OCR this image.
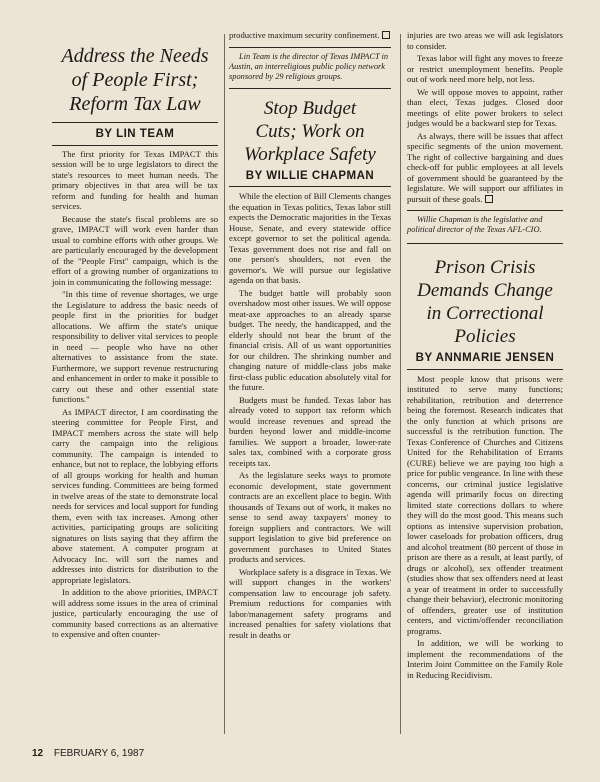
Address the Needs of People First; Reform Tax Law
BY LIN TEAM

The first priority for Texas IMPACT this session will be to urge legislators to direct the state's resources to meet human needs. The primary objectives in that area will be tax reform and funding for health and human services.

Because the state's fiscal problems are so grave, IMPACT will work even harder than usual to combine efforts with other groups. We are particularly encouraged by the development of the "People First" campaign, which is the effort of a growing number of organizations to join in communicating the following message:

"In this time of revenue shortages, we urge the Legislature to address the basic needs of people first in the priorities for budget allocations. We affirm the state's unique responsibility to deliver vital services to people in need — people who have no other alternatives to assistance from the state. Furthermore, we support revenue restructuring and enhancement in order to make it possible to carry out these and other essential state functions."

As IMPACT director, I am coordinating the steering committee for People First, and IMPACT members across the state will help carry the campaign into the religious community. The campaign is intended to enhance, but not to replace, the lobbying efforts of all groups working for health and human services funding. Committees are being formed in twelve areas of the state to demonstrate local needs for services and local support for funding them, even with tax increases. Among other activities, participating groups are soliciting signatures on lists saying that they affirm the above statement. A computer program at Advocacy Inc. will sort the names and addresses into districts for distribution to the appropriate legislators.

In addition to the above priorities, IMPACT will address some issues in the area of criminal justice, particularly encouraging the use of community based corrections as an alternative to expensive and often counter-

productive maximum security confinement.

Lin Team is the director of Texas IMPACT in Austin, an interreligious public policy network sponsored by 29 religious groups.

Stop Budget Cuts; Work on Workplace Safety
BY WILLIE CHAPMAN

While the election of Bill Clements changes the equation in Texas politics, Texas labor still expects the Democratic majorities in the Texas House, Senate, and every statewide office except governor to set the political agenda. Texas government does not rise and fall on one person's shoulders, not even the governor's. We will pursue our legislative agenda on that basis.

The budget battle will probably soon overshadow most other issues. We will oppose meat-axe approaches to an already sparse budget. The needy, the handicapped, and the elderly should not bear the brunt of the financial crisis. All of us want opportunities for our children. The shrinking number and changing nature of middle-class jobs make first-class public education absolutely vital for the future.

Budgets must be funded. Texas labor has already voted to support tax reform which would increase revenues and spread the burden beyond lower and middle-income families. We support a broader, lower-rate sales tax, combined with a corporate gross receipts tax.

As the legislature seeks ways to promote economic development, state government contracts are an excellent place to begin. With thousands of Texans out of work, it makes no sense to send away taxpayers' money to foreign suppliers and contractors. We will support legislation to give bid preference on government purchases to United States products and services.

Workplace safety is a disgrace in Texas. We will support changes in the workers' compensation law to encourage job safety. Premium reductions for companies with labor/management safety programs and increased penalties for safety violations that result in deaths or

injuries are two areas we will ask legislators to consider.

Texas labor will fight any moves to freeze or restrict unemployment benefits. People out of work need more help, not less.

We will oppose moves to appoint, rather than elect, Texas judges. Closed door meetings of elite power brokers to select judges would be a backward step for Texas.

As always, there will be issues that affect specific segments of the union movement. The right of collective bargaining and dues check-off for public employees at all levels of government should be guaranteed by the legislature. We will support our affiliates in pursuit of these goals.

Willie Chapman is the legislative and political director of the Texas AFL-CIO.

Prison Crisis Demands Change in Correctional Policies
BY ANNMARIE JENSEN

Most people know that prisons were instituted to serve many functions; rehabilitation, retribution and deterrence being the foremost. Research indicates that the only function at which prisons are successful is the retribution function. The Texas Conference of Churches and Citizens United for the Rehabilitation of Errants (CURE) believe we are paying too high a price for public vengeance. In line with these concerns, our criminal justice legislative agenda will primarily focus on directing limited state corrections dollars to where they will do the most good. This means such options as intensive supervision probation, lower caseloads for probation officers, drug and alcohol treatment (80 percent of those in prison are there as a result, at least partly, of drugs or alcohol), sex offender treatment (studies show that sex offenders need at least a year of treatment in order to successfully change their behavior), electronic monitoring of offenders, greater use of institution centers, and victim/offender reconciliation programs.

In addition, we will be working to implement the recommendations of the Interim Joint Committee on the Family Role in Reducing Recidivism.

12 FEBRUARY 6, 1987
